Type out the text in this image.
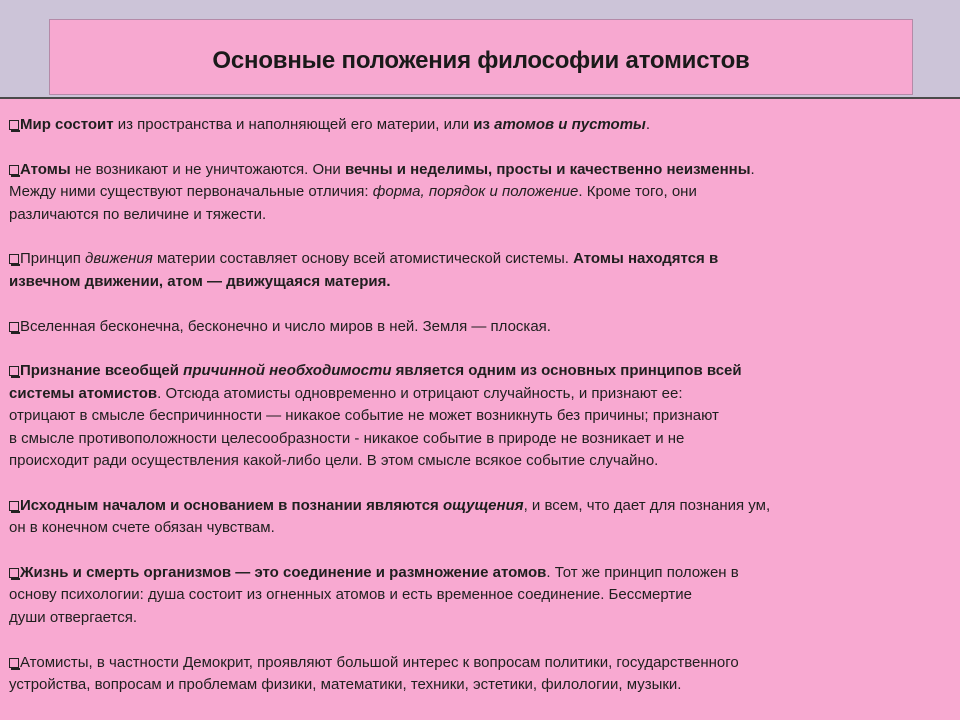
Основные положения философии атомистов
Мир состоит из пространства и наполняющей его материи, или из атомов и пустоты.
Атомы не возникают и не уничтожаются. Они вечны и неделимы, просты и качественно неизменны.
Между ними существуют первоначальные отличия: форма, порядок и положение. Кроме того, они
различаются по величине и тяжести.
Принцип движения материи составляет основу всей атомистической системы. Атомы находятся в
извечном движении, атом — движущаяся материя.
Вселенная бесконечна, бесконечно и число миров в ней. Земля — плоская.
Признание всеобщей причинной необходимости является одним из основных принципов всей
системы атомистов. Отсюда атомисты одновременно и отрицают случайность, и признают ее:
отрицают в смысле беспричинности — никакое событие не может возникнуть без причины; признают
в смысле противоположности целесообразности - никакое событие в природе не возникает и не
происходит ради осуществления какой-либо цели. В этом смысле всякое событие случайно.
Исходным началом и основанием в познании являются ощущения, и всем, что дает для познания ум,
он в конечном счете обязан чувствам.
Жизнь и смерть организмов — это соединение и размножение атомов. Тот же принцип положен в
основу психологии: душа состоит из огненных атомов и есть временное соединение. Бессмертие
души отвергается.
Атомисты, в частности Демокрит, проявляют большой интерес к вопросам политики, государственного
устройства, вопросам и проблемам физики, математики, техники, эстетики, филологии, музыки.
